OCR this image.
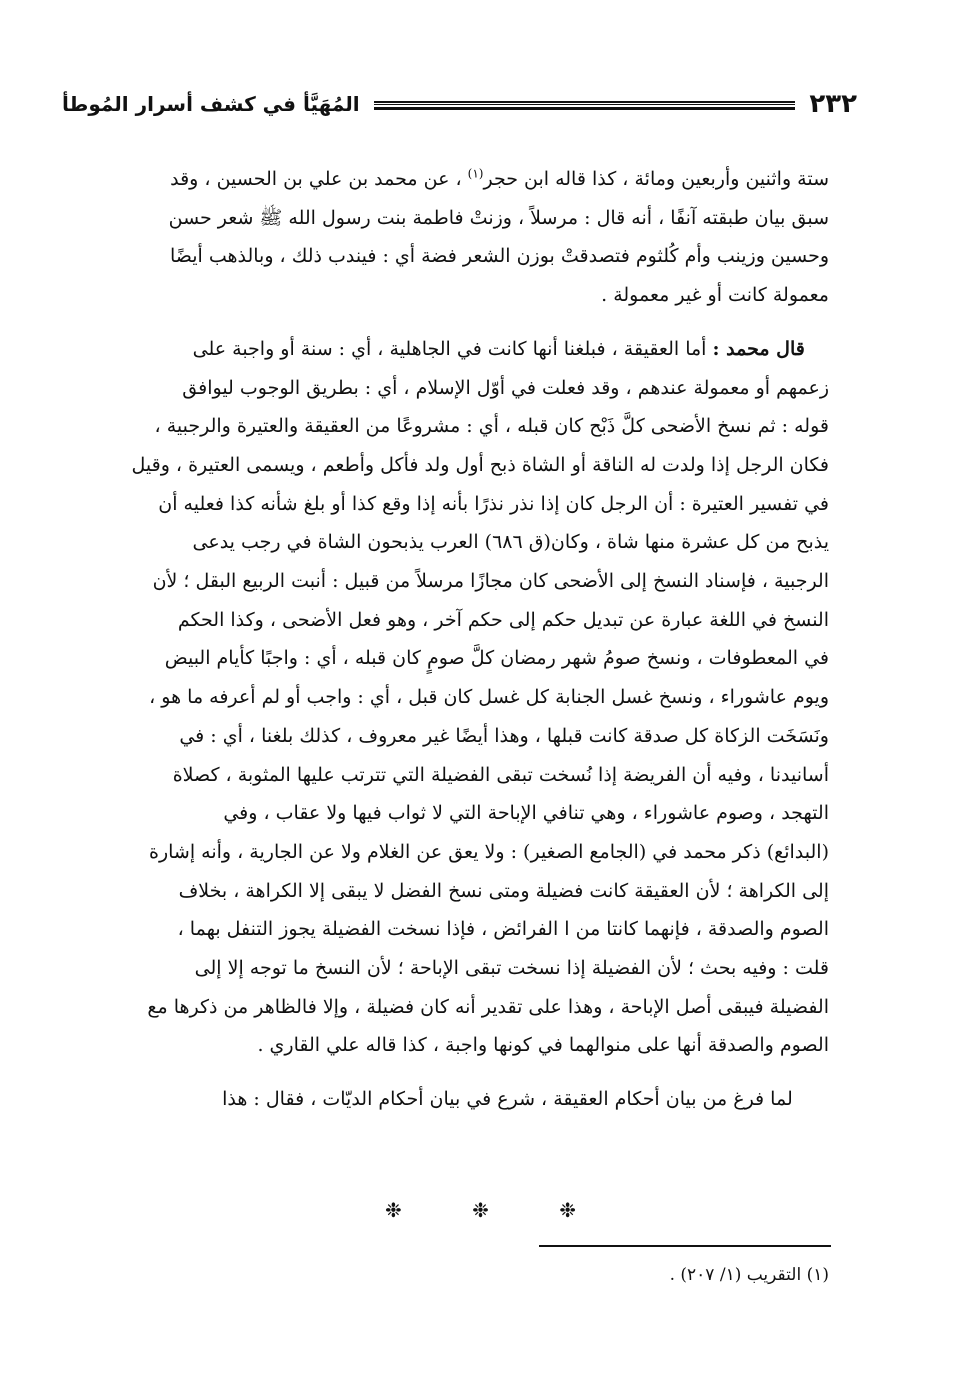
٢٣٢
المُهَيَّأ في كشف أسرار المُوطأ

ستة واثنين وأربعين ومائة ، كذا قاله ابن حجر$^{(١)}$ ، عن محمد بن علي بن الحسين ، وقد
سبق بيان طبقته آنفًا ، أنه قال : مرسلاً ، وزنتْ فاطمة بنت رسول الله ﷺ شعر حسن
وحسين وزينب وأم كُلثوم فتصدقتْ بوزن الشعر فضة أي : فيندب ذلك ، وبالذهب أيضًا
معمولة كانت أو غير معمولة .

قال محمد : أما العقيقة ، فبلغنا أنها كانت في الجاهلية ، أي : سنة أو واجبة على
زعمهم أو معمولة عندهم ، وقد فعلت في أوّل الإسلام ، أي : بطريق الوجوب ليوافق
قوله : ثم نسخ الأضحى كلَّ ذَبْح كان قبله ، أي : مشروعًا من العقيقة والعتيرة والرجبية ،
فكان الرجل إذا ولدت له الناقة أو الشاة ذبح أول ولد فأكل وأطعم ، ويسمى العتيرة ، وقيل
في تفسير العتيرة : أن الرجل كان إذا نذر نذرًا بأنه إذا وقع كذا أو بلغ شأنه كذا فعليه أن
يذبح من كل عشرة منها شاة ، وكان(ق ٦٨٦) العرب يذبحون الشاة في رجب يدعى
الرجبية ، فإسناد النسخ إلى الأضحى كان مجازًا مرسلاً من قبيل : أنبت الربيع البقل ؛ لأن
النسخ في اللغة عبارة عن تبديل حكم إلى حكم آخر ، وهو فعل الأضحى ، وكذا الحكم
في المعطوفات ، ونسخ صومُ شهر رمضان كلَّ صومٍ كان قبله ، أي : واجبًا كأيام البيض
ويوم عاشوراء ، ونسخ غسل الجنابة كل غسل كان قبل ، أي : واجب أو لم أعرفه ما هو ،
ونَسَخَت الزكاة كل صدقة كانت قبلها ، وهذا أيضًا غير معروف ، كذلك بلغنا ، أي : في
أسانيدنا ، وفيه أن الفريضة إذا نُسخت تبقى الفضيلة التي تترتب عليها المثوبة ، كصلاة
التهجد ، وصوم عاشوراء ، وهي تنافي الإباحة التي لا ثواب فيها ولا عقاب ، وفي
(البدائع) ذكر محمد في (الجامع الصغير) : ولا يعق عن الغلام ولا عن الجارية ، وأنه إشارة
إلى الكراهة ؛ لأن العقيقة كانت فضيلة ومتى نسخ الفضل لا يبقى إلا الكراهة ، بخلاف
الصوم والصدقة ، فإنهما كانتا من ا الفرائض ، فإذا نسخت الفضيلة يجوز التنفل بهما ،
قلت : وفيه بحث ؛ لأن الفضيلة إذا نسخت تبقى الإباحة ؛ لأن النسخ ما توجه إلا إلى
الفضيلة فيبقى أصل الإباحة ، وهذا على تقدير أنه كان فضيلة ، وإلا فالظاهر من ذكرها مع
الصوم والصدقة أنها على منوالهما في كونها واجبة ، كذا قاله علي القاري .

لما فرغ من بيان أحكام العقيقة ، شرع في بيان أحكام الديّات ، فقال : هذا

❉	❉	❉
(١) التقريب (١/ ٢٠٧) .
